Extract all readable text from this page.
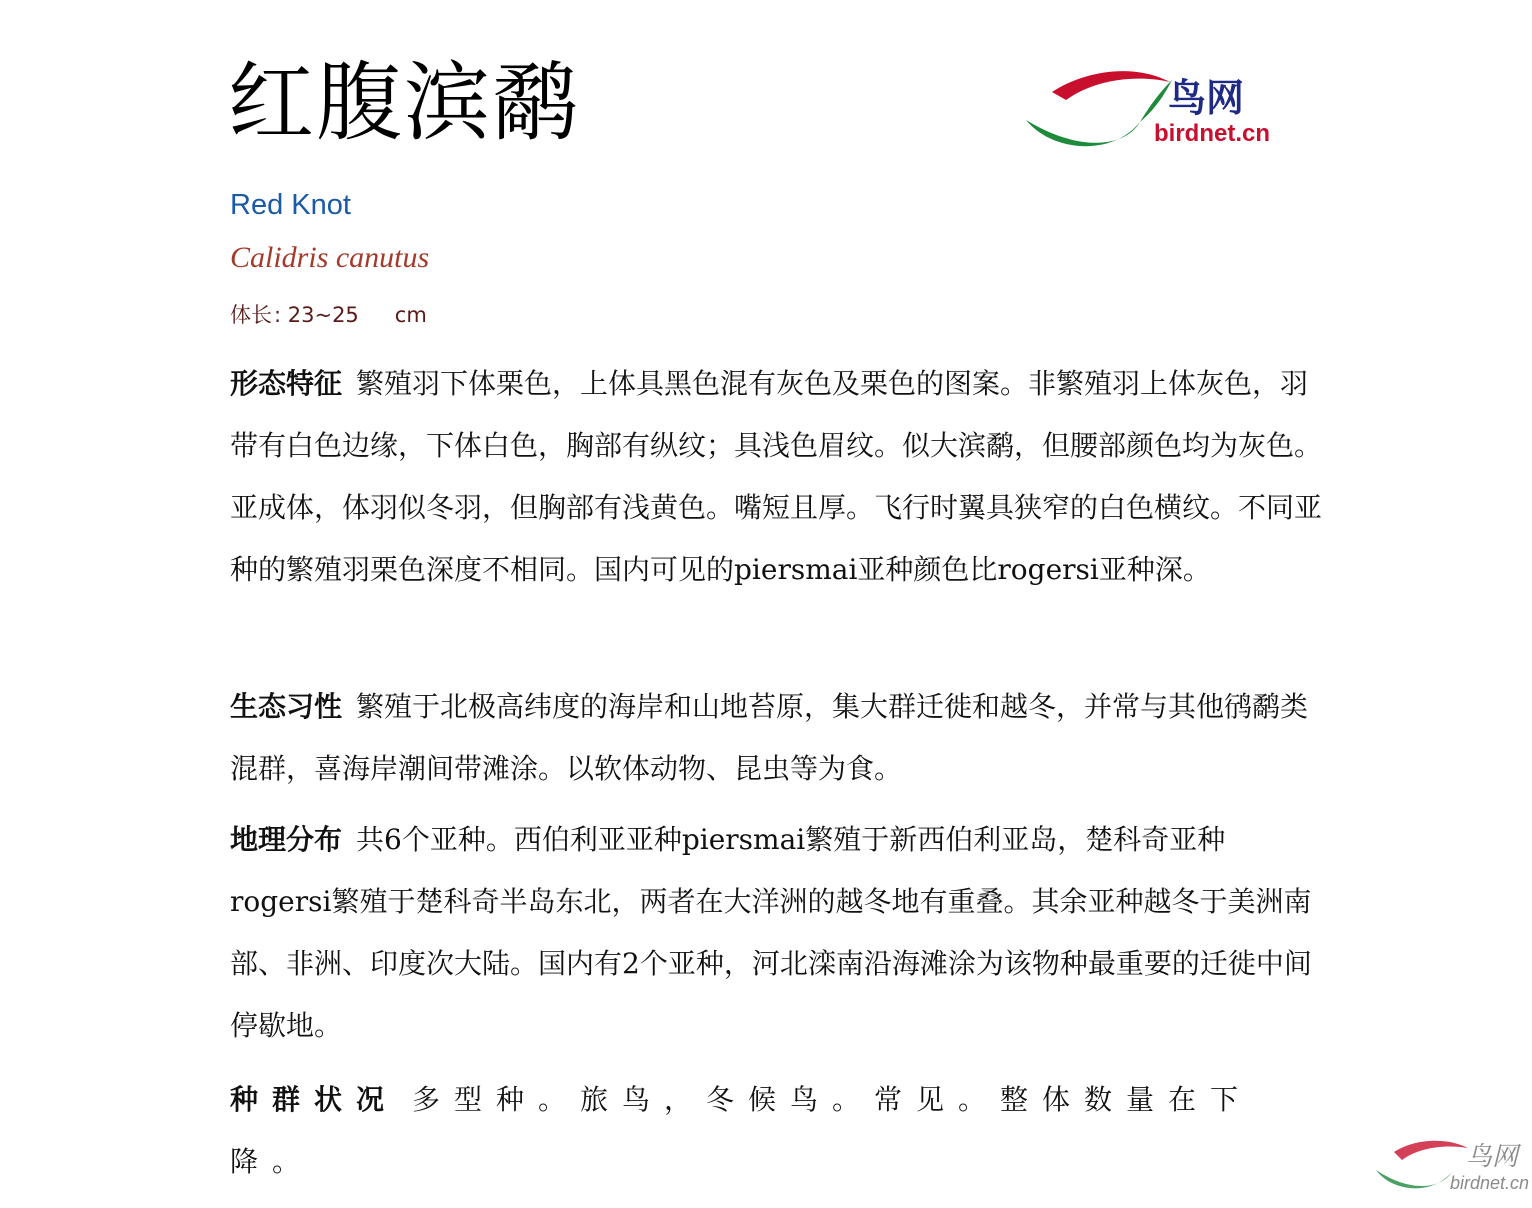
红腹滨鹬	鸟网
birdnet.cn
Red Knot
Calidris canutus
体长: 23~25 cm
形态特征 繁殖羽下体栗色，上体具黑色混有灰色及栗色的图案。非繁殖羽上体灰色，羽带有白色边缘，下体白色，胸部有纵纹；具浅色眉纹。似大滨鹬，但腰部颜色均为灰色。亚成体，体羽似冬羽，但胸部有浅黄色。嘴短且厚。飞行时翼具狭窄的白色横纹。不同亚种的繁殖羽栗色深度不相同。国内可见的piersmai亚种颜色比rogersi亚种深。
生态习性 繁殖于北极高纬度的海岸和山地苔原，集大群迁徙和越冬，并常与其他鸻鹬类混群，喜海岸潮间带滩涂。以软体动物、昆虫等为食。
地理分布 共6个亚种。西伯利亚亚种piersmai繁殖于新西伯利亚岛，楚科奇亚种rogersi繁殖于楚科奇半岛东北，两者在大洋洲的越冬地有重叠。其余亚种越冬于美洲南部、非洲、印度次大陆。国内有2个亚种，河北滦南沿海滩涂为该物种最重要的迁徙中间停歇地。
种群状况 多型种。旅鸟，冬候鸟。常见。整体数量在下降。	鸟网
birdnet.cn
